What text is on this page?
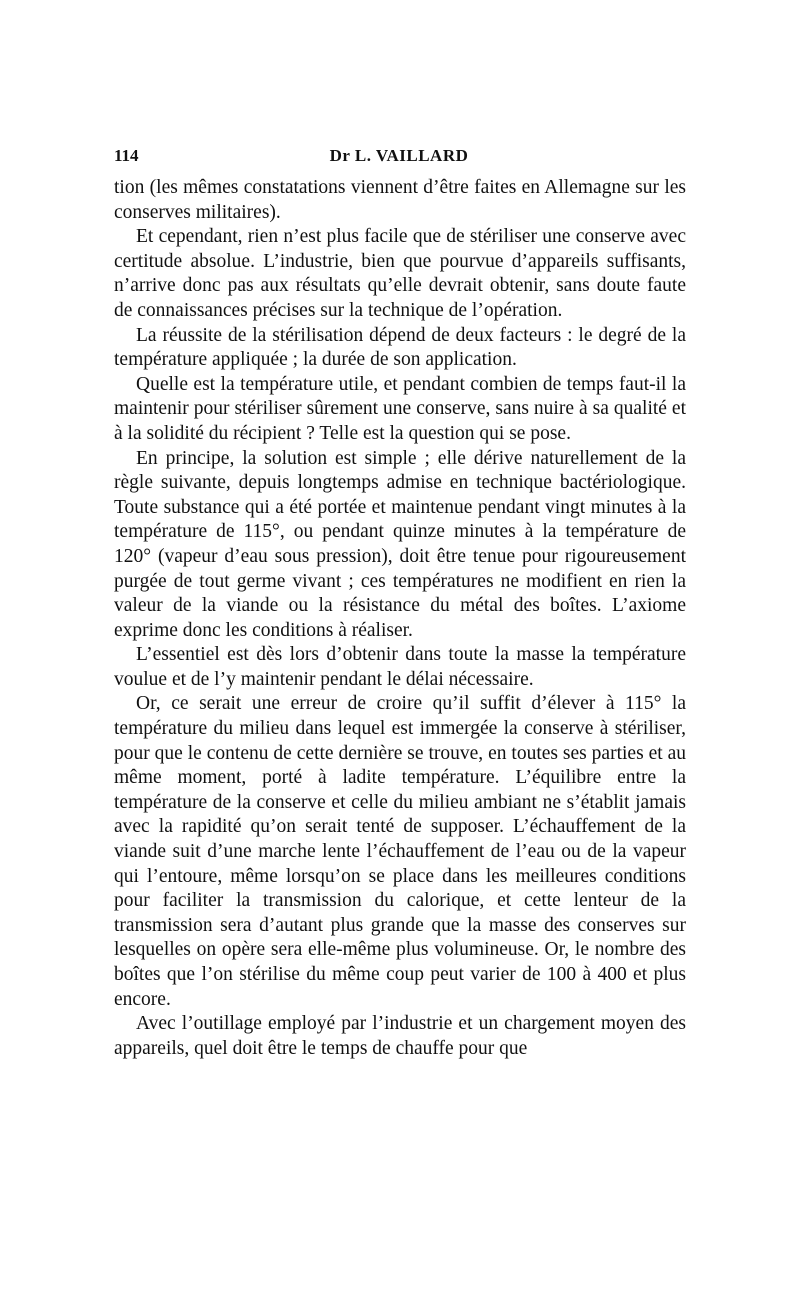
114	Dr L. VAILLARD

tion (les mêmes constatations viennent d’être faites en Allemagne sur les conserves militaires).

Et cependant, rien n’est plus facile que de stériliser une conserve avec certitude absolue. L’industrie, bien que pourvue d’appareils suffisants, n’arrive donc pas aux résultats qu’elle devrait obtenir, sans doute faute de connaissances précises sur la technique de l’opération.

La réussite de la stérilisation dépend de deux facteurs : le degré de la température appliquée ; la durée de son application.

Quelle est la température utile, et pendant combien de temps faut-il la maintenir pour stériliser sûrement une conserve, sans nuire à sa qualité et à la solidité du récipient ? Telle est la question qui se pose.

En principe, la solution est simple ; elle dérive naturellement de la règle suivante, depuis longtemps admise en technique bactériologique. Toute substance qui a été portée et maintenue pendant vingt minutes à la température de 115°, ou pendant quinze minutes à la température de 120° (vapeur d’eau sous pression), doit être tenue pour rigoureusement purgée de tout germe vivant ; ces températures ne modifient en rien la valeur de la viande ou la résistance du métal des boîtes. L’axiome exprime donc les conditions à réaliser.

L’essentiel est dès lors d’obtenir dans toute la masse la température voulue et de l’y maintenir pendant le délai nécessaire.

Or, ce serait une erreur de croire qu’il suffit d’élever à 115° la température du milieu dans lequel est immergée la conserve à stériliser, pour que le contenu de cette dernière se trouve, en toutes ses parties et au même moment, porté à ladite température. L’équilibre entre la température de la conserve et celle du milieu ambiant ne s’établit jamais avec la rapidité qu’on serait tenté de supposer. L’échauffement de la viande suit d’une marche lente l’échauffement de l’eau ou de la vapeur qui l’entoure, même lorsqu’on se place dans les meilleures conditions pour faciliter la transmission du calorique, et cette lenteur de la transmission sera d’autant plus grande que la masse des conserves sur lesquelles on opère sera elle-même plus volumineuse. Or, le nombre des boîtes que l’on stérilise du même coup peut varier de 100 à 400 et plus encore.

Avec l’outillage employé par l’industrie et un chargement moyen des appareils, quel doit être le temps de chauffe pour que
